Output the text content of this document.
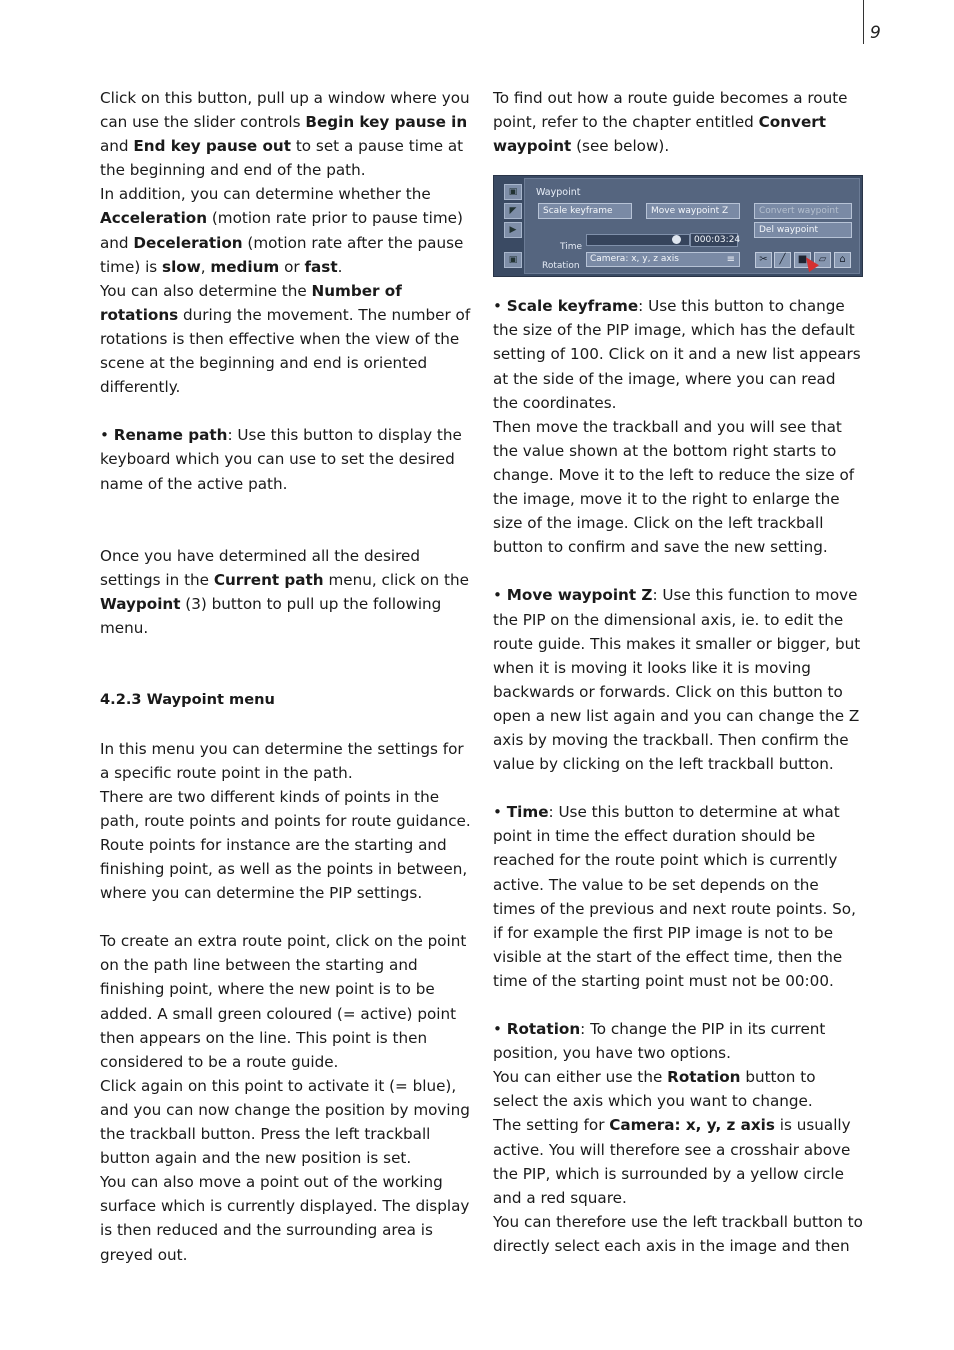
9

Click on this button, pull up a window where you can use the slider controls Begin key pause in and End key pause out to set a pause time at the beginning and end of the path.

In addition, you can determine whether the Acceleration (motion rate prior to pause time) and Deceleration (motion rate after the pause time) is slow, medium or fast.

You can also determine the Number of rotations during the movement. The number of rotations is then effective when the view of the scene at the beginning and end is oriented differently.

• Rename path: Use this button to display the keyboard which you can use to set the desired name of the active path.

Once you have determined all the desired settings in the Current path menu, click on the Waypoint (3) button to pull up the following menu.

4.2.3 Waypoint menu

In this menu you can determine the settings for a specific route point in the path.

There are two different kinds of points in the path, route points and points for route guidance.

Route points for instance are the starting and finishing point, as well as the points in between, where you can determine the PIP settings.

To create an extra route point, click on the point on the path line between the starting and finishing point, where the new point is to be added. A small green coloured (= active) point then appears on the line. This point is then considered to be a route guide.

Click again on this point to activate it (= blue), and you can now change the position by moving the trackball button. Press the left trackball button again and the new position is set.

You can also move a point out of the working surface which is currently displayed. The display is then reduced and the surrounding area is greyed out.

To find out how a route guide becomes a route point, refer to the chapter entitled Convert waypoint (see below).

▣
◤
▶
▣
Waypoint
Scale keyframe	Move waypoint Z	Convert waypoint
Del waypoint
Time
000:03:24
Rotation
Camera: x, y, z axis	≡	✂	╱	■	▱	⌂

• Scale keyframe: Use this button to change the size of the PIP image, which has the default setting of 100. Click on it and a new list appears at the side of the image, where you can read the coordinates.

Then move the trackball and you will see that the value shown at the bottom right starts to change. Move it to the left to reduce the size of the image, move it to the right to enlarge the size of the image. Click on the left trackball button to confirm and save the new setting.

• Move waypoint Z: Use this function to move the PIP on the dimensional axis, ie. to edit the route guide. This makes it smaller or bigger, but when it is moving it looks like it is moving backwards or forwards. Click on this button to open a new list again and you can change the Z axis by moving the trackball. Then confirm the value by clicking on the left trackball button.

• Time: Use this button to determine at what point in time the effect duration should be reached for the route point which is currently active. The value to be set depends on the times of the previous and next route points. So, if for example the first PIP image is not to be visible at the start of the effect time, then the time of the starting point must not be 00:00.

• Rotation: To change the PIP in its current position, you have two options.

You can either use the Rotation button to select the axis which you want to change.

The setting for Camera: x, y, z axis is usually active. You will therefore see a crosshair above the PIP, which is surrounded by a yellow circle and a red square.

You can therefore use the left trackball button to directly select each axis in the image and then
